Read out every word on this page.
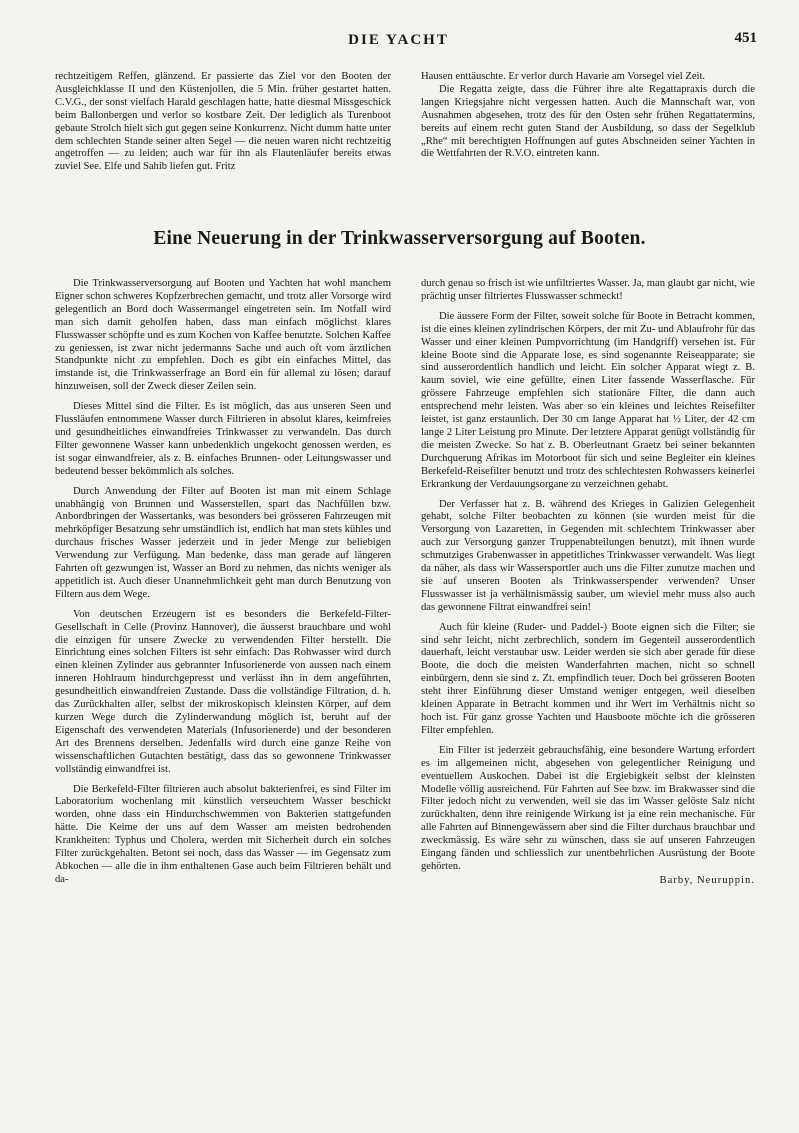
DIE YACHT	451

rechtzeitigem Reffen, glänzend. Er passierte das Ziel vor den Booten der Ausgleichklasse II und den Küstenjollen, die 5 Min. früher gestartet hatten. C.V.G., der sonst vielfach Harald geschlagen hatte, hatte diesmal Missgeschick beim Ballonbergen und verlor so kostbare Zeit. Der lediglich als Turenboot gebaute Strolch hielt sich gut gegen seine Konkurrenz. Nicht dumm hatte unter dem schlechten Stande seiner alten Segel — die neuen waren nicht rechtzeitig angetroffen — zu leiden; auch war für ihn als Flautenläufer bereits etwas zuviel See. Elfe und Sahib liefen gut. Fritz

Hausen enttäuschte. Er verlor durch Havarie am Vorsegel viel Zeit.

Die Regatta zeigte, dass die Führer ihre alte Regattapraxis durch die langen Kriegsjahre nicht vergessen hatten. Auch die Mannschaft war, von Ausnahmen abgesehen, trotz des für den Osten sehr frühen Regattatermins, bereits auf einem recht guten Stand der Ausbildung, so dass der Segelklub „Rhe“ mit berechtigten Hoffnungen auf gutes Abschneiden seiner Yachten in die Wettfahrten der R.V.O. eintreten kann.

Eine Neuerung in der Trinkwasserversorgung auf Booten.

Die Trinkwasserversorgung auf Booten und Yachten hat wohl manchem Eigner schon schweres Kopfzerbrechen gemacht, und trotz aller Vorsorge wird gelegentlich an Bord doch Wassermangel eingetreten sein. Im Notfall wird man sich damit geholfen haben, dass man einfach möglichst klares Flusswasser schöpfte und es zum Kochen von Kaffee benutzte. Solchen Kaffee zu geniessen, ist zwar nicht jedermanns Sache und auch oft vom ärztlichen Standpunkte nicht zu empfehlen. Doch es gibt ein einfaches Mittel, das imstande ist, die Trinkwasserfrage an Bord ein für allemal zu lösen; darauf hinzuweisen, soll der Zweck dieser Zeilen sein.

Dieses Mittel sind die Filter. Es ist möglich, das aus unseren Seen und Flussläufen entnommene Wasser durch Filtrieren in absolut klares, keimfreies und gesundheitliches einwandfreies Trinkwasser zu verwandeln. Das durch Filter gewonnene Wasser kann unbedenklich ungekocht genossen werden, es ist sogar einwandfreier, als z. B. einfaches Brunnen- oder Leitungswasser und bedeutend besser bekömmlich als solches.

Durch Anwendung der Filter auf Booten ist man mit einem Schlage unabhängig von Brunnen und Wasserstellen, spart das Nachfüllen bzw. Anbordbringen der Wassertanks, was besonders bei grösseren Fahrzeugen mit mehrköpfiger Besatzung sehr umständlich ist, endlich hat man stets kühles und durchaus frisches Wasser jederzeit und in jeder Menge zur beliebigen Verwendung zur Verfügung. Man bedenke, dass man gerade auf längeren Fahrten oft gezwungen ist, Wasser an Bord zu nehmen, das nichts weniger als appetitlich ist. Auch dieser Unannehmlichkeit geht man durch Benutzung von Filtern aus dem Wege.

Von deutschen Erzeugern ist es besonders die Berkefeld-Filter-Gesellschaft in Celle (Provinz Hannover), die äusserst brauchbare und wohl die einzigen für unsere Zwecke zu verwendenden Filter herstellt. Die Einrichtung eines solchen Filters ist sehr einfach: Das Rohwasser wird durch einen kleinen Zylinder aus gebrannter Infusorienerde von aussen nach einem inneren Hohlraum hindurchgepresst und verlässt ihn in dem angeführten, gesundheitlich einwandfreien Zustande. Dass die vollständige Filtration, d. h. das Zurückhalten aller, selbst der mikroskopisch kleinsten Körper, auf dem kurzen Wege durch die Zylinderwandung möglich ist, beruht auf der Eigenschaft des verwendeten Materials (Infusorienerde) und der besonderen Art des Brennens derselben. Jedenfalls wird durch eine ganze Reihe von wissenschaftlichen Gutachten bestätigt, dass das so gewonnene Trinkwasser vollständig einwandfrei ist.

Die Berkefeld-Filter filtrieren auch absolut bakterienfrei, es sind Filter im Laboratorium wochenlang mit künstlich verseuchtem Wasser beschickt worden, ohne dass ein Hindurchschwemmen von Bakterien stattgefunden hätte. Die Keime der uns auf dem Wasser am meisten bedrohenden Krankheiten: Typhus und Cholera, werden mit Sicherheit durch ein solches Filter zurückgehalten. Betont sei noch, dass das Wasser — im Gegensatz zum Abkochen — alle die in ihm enthaltenen Gase auch beim Filtrieren behält und da-

durch genau so frisch ist wie unfiltriertes Wasser. Ja, man glaubt gar nicht, wie prächtig unser filtriertes Flusswasser schmeckt!

Die äussere Form der Filter, soweit solche für Boote in Betracht kommen, ist die eines kleinen zylindrischen Körpers, der mit Zu- und Ablaufrohr für das Wasser und einer kleinen Pumpvorrichtung (im Handgriff) versehen ist. Für kleine Boote sind die Apparate lose, es sind sogenannte Reiseapparate; sie sind ausserordentlich handlich und leicht. Ein solcher Apparat wiegt z. B. kaum soviel, wie eine gefüllte, einen Liter fassende Wasserflasche. Für grössere Fahrzeuge empfehlen sich stationäre Filter, die dann auch entsprechend mehr leisten. Was aber so ein kleines und leichtes Reisefilter leistet, ist ganz erstaunlich. Der 30 cm lange Apparat hat ½ Liter, der 42 cm lange 2 Liter Leistung pro Minute. Der letztere Apparat genügt vollständig für die meisten Zwecke. So hat z. B. Oberleutnant Graetz bei seiner bekannten Durchquerung Afrikas im Motorboot für sich und seine Begleiter ein kleines Berkefeld-Reisefilter benutzt und trotz des schlechtesten Rohwassers keinerlei Erkrankung der Verdauungsorgane zu verzeichnen gehabt.

Der Verfasser hat z. B. während des Krieges in Galizien Gelegenheit gehabt, solche Filter beobachten zu können (sie wurden meist für die Versorgung von Lazaretten, in Gegenden mit schlechtem Trinkwasser aber auch zur Versorgung ganzer Truppenabteilungen benutzt), mit ihnen wurde schmutziges Grabenwasser in appetitliches Trinkwasser verwandelt. Was liegt da näher, als dass wir Wassersportler auch uns die Filter zunutze machen und sie auf unseren Booten als Trinkwasserspender verwenden? Unser Flusswasser ist ja verhältnismässig sauber, um wieviel mehr muss also auch das gewonnene Filtrat einwandfrei sein!

Auch für kleine (Ruder- und Paddel-) Boote eignen sich die Filter; sie sind sehr leicht, nicht zerbrechlich, sondern im Gegenteil ausserordentlich dauerhaft, leicht verstaubar usw. Leider werden sie sich aber gerade für diese Boote, die doch die meisten Wanderfahrten machen, nicht so schnell einbürgern, denn sie sind z. Zt. empfindlich teuer. Doch bei grösseren Booten steht ihrer Einführung dieser Umstand weniger entgegen, weil dieselben kleinen Apparate in Betracht kommen und ihr Wert im Verhältnis nicht so hoch ist. Für ganz grosse Yachten und Hausboote möchte ich die grösseren Filter empfehlen.

Ein Filter ist jederzeit gebrauchsfähig, eine besondere Wartung erfordert es im allgemeinen nicht, abgesehen von gelegentlicher Reinigung und eventuellem Auskochen. Dabei ist die Ergiebigkeit selbst der kleinsten Modelle völlig ausreichend. Für Fahrten auf See bzw. im Brakwasser sind die Filter jedoch nicht zu verwenden, weil sie das im Wasser gelöste Salz nicht zurückhalten, denn ihre reinigende Wirkung ist ja eine rein mechanische. Für alle Fahrten auf Binnengewässern aber sind die Filter durchaus brauchbar und zweckmässig. Es wäre sehr zu wünschen, dass sie auf unseren Fahrzeugen Eingang fänden und schliesslich zur unentbehrlichen Ausrüstung der Boote gehörten.

Barby, Neuruppin.
